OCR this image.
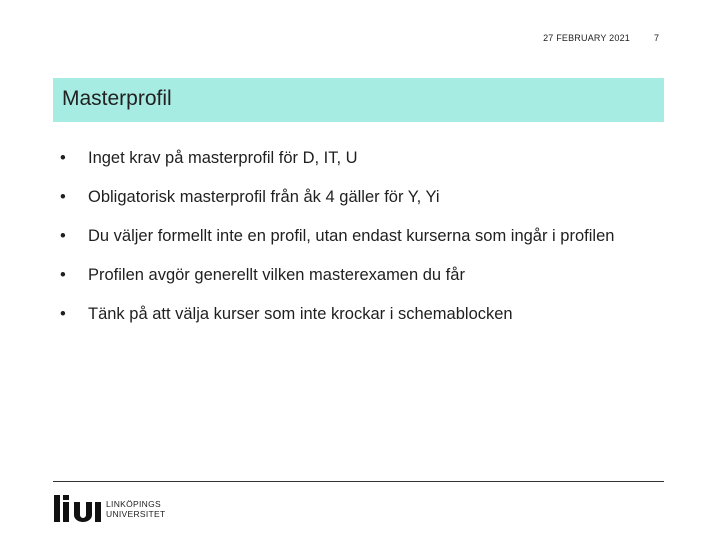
27 FEBRUARY 2021	7
Masterprofil
• Inget krav på masterprofil för D, IT, U
• Obligatorisk masterprofil från åk 4 gäller för Y, Yi
• Du väljer formellt inte en profil, utan endast kurserna som ingår i profilen
• Profilen avgör generellt vilken masterexamen du får
• Tänk på att välja kurser som inte krockar i schemablocken
LINKÖPINGS
UNIVERSITET
